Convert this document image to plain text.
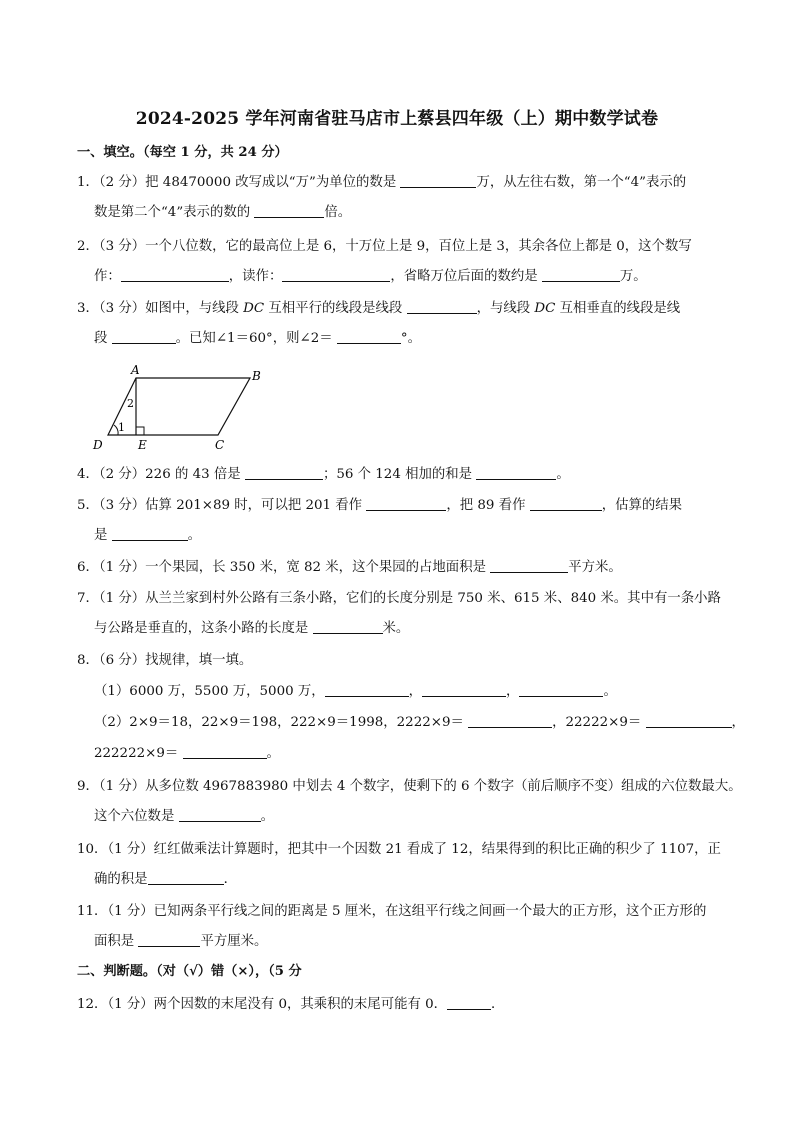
2024-2025 学年河南省驻马店市上蔡县四年级（上）期中数学试卷
一、填空。（每空 1 分，共 24 分）
1．（2 分）把 48470000 改写成以“万”为单位的数是	万，从左往右数，第一个“4”表示的
数是第二个“4”表示的数的	倍。
2．（3 分）一个八位数，它的最高位上是 6，十万位上是 9，百位上是 3，其余各位上都是 0，这个数写
作：	，读作：	，省略万位后面的数约是	万。
3．（3 分）如图中，与线段 DC 互相平行的线段是线段	，与线段 DC 互相垂直的线段是线
段	。已知∠1＝60°，则∠2＝	°。
A	B
C
D	E
1
2
4．（2 分）226 的 43 倍是	；56 个 124 相加的和是	。
5．（3 分）估算 201×89 时，可以把 201 看作	，把 89 看作	，估算的结果
是	。
6．（1 分）一个果园，长 350 米，宽 82 米，这个果园的占地面积是	平方米。
7．（1 分）从兰兰家到村外公路有三条小路，它们的长度分别是 750 米、615 米、840 米。其中有一条小路
与公路是垂直的，这条小路的长度是	米。
8．（6 分）找规律，填一填。
（1）6000 万，5500 万，5000 万，	，	，	。
（2）2×9＝18，22×9＝198，222×9＝1998，2222×9＝	，22222×9＝	，
222222×9＝	。
9．（1 分）从多位数 4967883980 中划去 4 个数字，使剩下的 6 个数字（前后顺序不变）组成的六位数最大。
这个六位数是	。
10．（1 分）红红做乘法计算题时，把其中一个因数 21 看成了 12，结果得到的积比正确的积少了 1107，正
确的积是	．
11．（1 分）已知两条平行线之间的距离是 5 厘米，在这组平行线之间画一个最大的正方形，这个正方形的
面积是	平方厘米。
二、判断题。（对（√）错（×），（5 分
12．（1 分）两个因数的末尾没有 0，其乘积的末尾可能有 0．	．
